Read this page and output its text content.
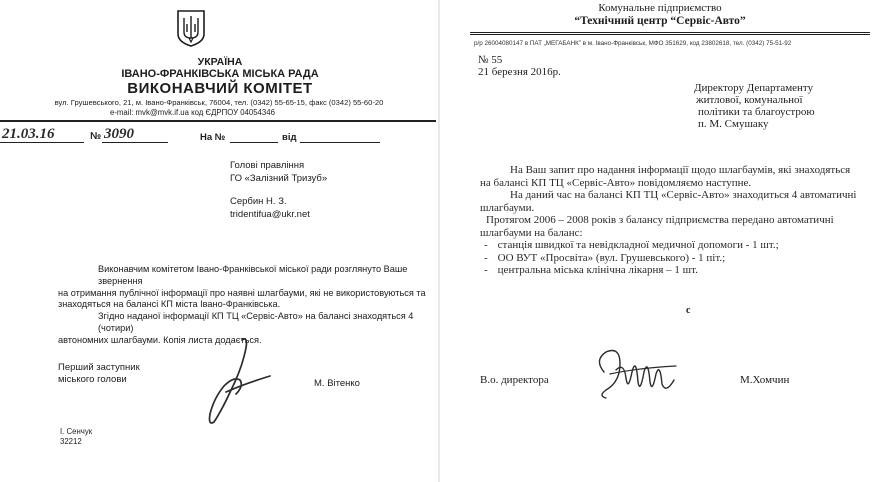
УКРАЇНА
ІВАНО-ФРАНКІВСЬКА МІСЬКА РАДА
ВИКОНАВЧИЙ КОМІТЕТ
вул. Грушевського, 21, м. Івано-Франківськ, 76004, тел. (0342) 55-65-15, факс (0342) 55-60-20
e-mail: mvk@mvk.if.ua код ЄДРПОУ 04054346
21.03.16	№ 3090	На №	від
Голові правління
ГО «Залізний Тризуб»
Сербин Н. З.
tridentifua@ukr.net
Виконавчим комітетом Івано-Франківської міської ради розглянуто Ваше звернення
на отримання публічної інформації про наявні шлагбауми, які не використовуються та
знаходяться на балансі КП міста Івано-Франківська.
Згідно наданої інформації КП ТЦ «Сервіс-Авто» на балансі знаходяться 4 (чотири)
автономних шлагбауми. Копія листа додається.
Перший заступник
міського голови	М. Вітенко
І. Сенчук
32212
Комунальне підприємство
“Технічний центр “Сервіс-Авто”
р/р 26004080147 в ПАТ „МЕГАБАНК” в м. Івано-Франківськ, МФО 351629, код 23802618, тел. (0342) 75-51-92
№ 55
21 березня 2016р.
Директору Департаменту
житлової, комунальної
політики та благоустрою
п. М. Смушаку
На Ваш запит про надання інформації щодо шлагбаумів, які знаходяться
на балансі КП ТЦ «Сервіс-Авто» повідомляємо наступне.
На даний час на балансі КП ТЦ «Сервіс-Авто» знаходиться 4 автоматичні
шлагбауми.
Протягом 2006 – 2008 років з балансу підприємства передано автоматичні
шлагбауми на баланс:
- станція швидкої та невідкладної медичної допомоги - 1 шт.;
- ОО ВУТ «Просвіта» (вул. Грушевського) - 1 піт.;
- центральна міська клінічна лікарня – 1 шт.
с
В.о. директора	М.Хомчин
